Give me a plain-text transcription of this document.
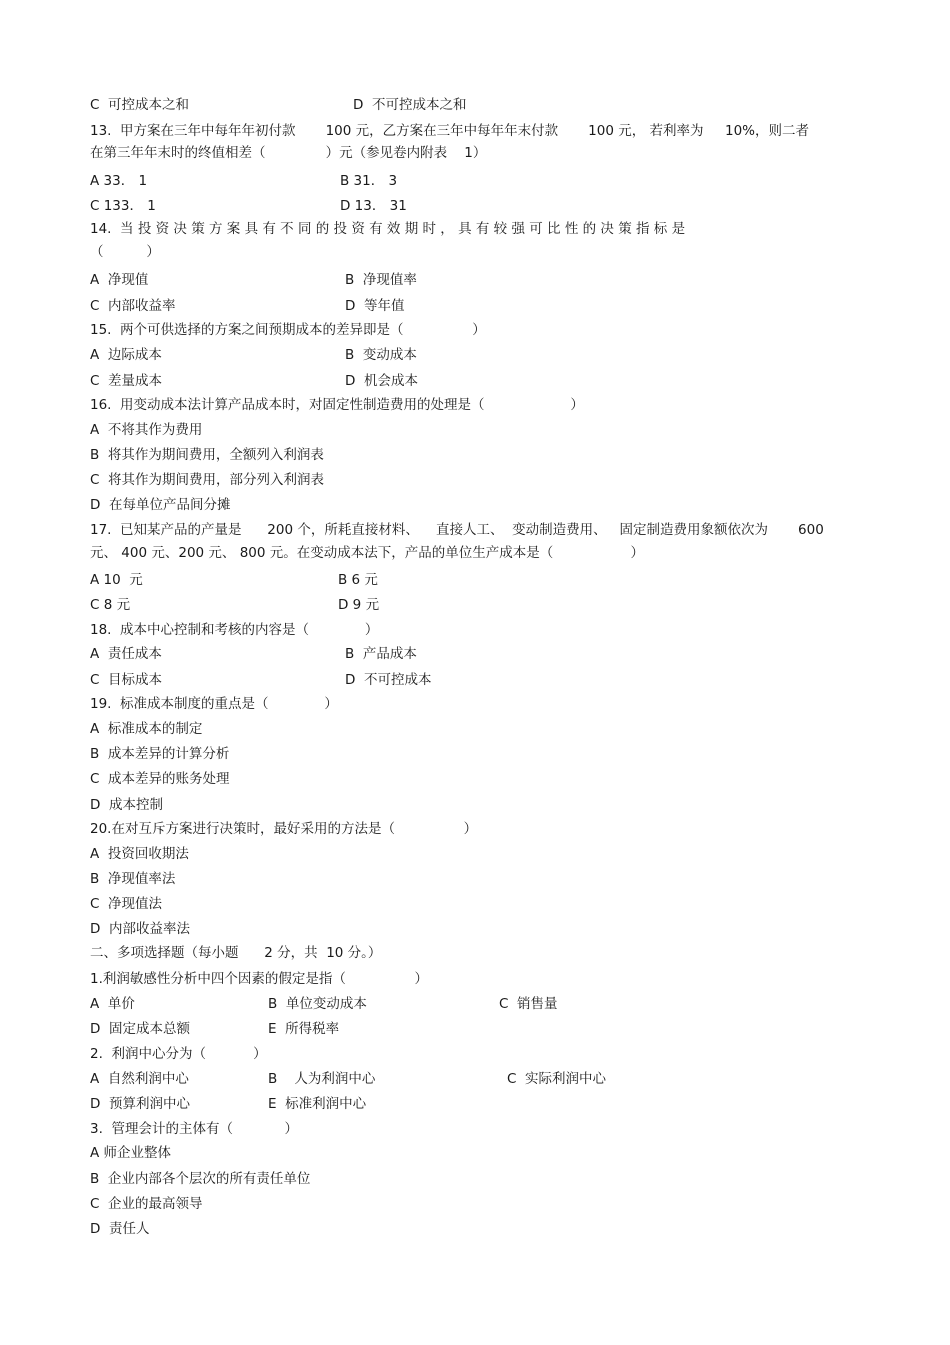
C  可控成本之和	D  不可控成本之和
13.  甲方案在三年中每年年初付款       100 元，乙方案在三年中每年年末付款       100 元， 若利率为     10%，则二者
在第三年年末时的终值相差（              ）元（参见卷内附表    1）
A 33． 1	B 31． 3
C 133． 1	D 13． 31
14.  当 投 资 决 策 方 案 具 有 不 同 的 投 资 有 效 期 时 ， 具 有 较 强 可 比 性 的 决 策 指 标 是
（          ）
A  净现值	B  净现值率
C  内部收益率	D  等年值
15.  两个可供选择的方案之间预期成本的差异即是（                ）
A  边际成本	B  变动成本
C  差量成本	D  机会成本
16.  用变动成本法计算产品成本时，对固定性制造费用的处理是（                    ）
A  不将其作为费用
B  将其作为期间费用，全额列入利润表
C  将其作为期间费用，部分列入利润表
D  在每单位产品间分摊
17.  已知某产品的产量是      200 个，所耗直接材料、    直接人工、  变动制造费用、   固定制造费用象额依次为       600
元、 400 元、200 元、 800 元。在变动成本法下，产品的单位生产成本是（                  ）
A 10  元	B 6 元
C 8 元	D 9 元
18.  成本中心控制和考核的内容是（             ）
A  责任成本	B  产品成本
C  目标成本	D  不可控成本
19.  标准成本制度的重点是（             ）
A  标准成本的制定
B  成本差异的计算分析
C  成本差异的账务处理
D  成本控制
20.在对互斥方案进行决策时，最好采用的方法是（                ）
A  投资回收期法
B  净现值率法
C  净现值法
D  内部收益率法
二、多项选择题（每小题      2 分，共  10 分。）
1.利润敏感性分析中四个因素的假定是指（                ）
A  单价	B  单位变动成本	C  销售量
D  固定成本总额	E  所得税率
2.  利润中心分为（           ）
A  自然利润中心	B    人为利润中心	C  实际利润中心
D  预算利润中心	E  标准利润中心
3.  管理会计的主体有（            ）
A 师企业整体
B  企业内部各个层次的所有责任单位
C  企业的最高领导
D  责任人
